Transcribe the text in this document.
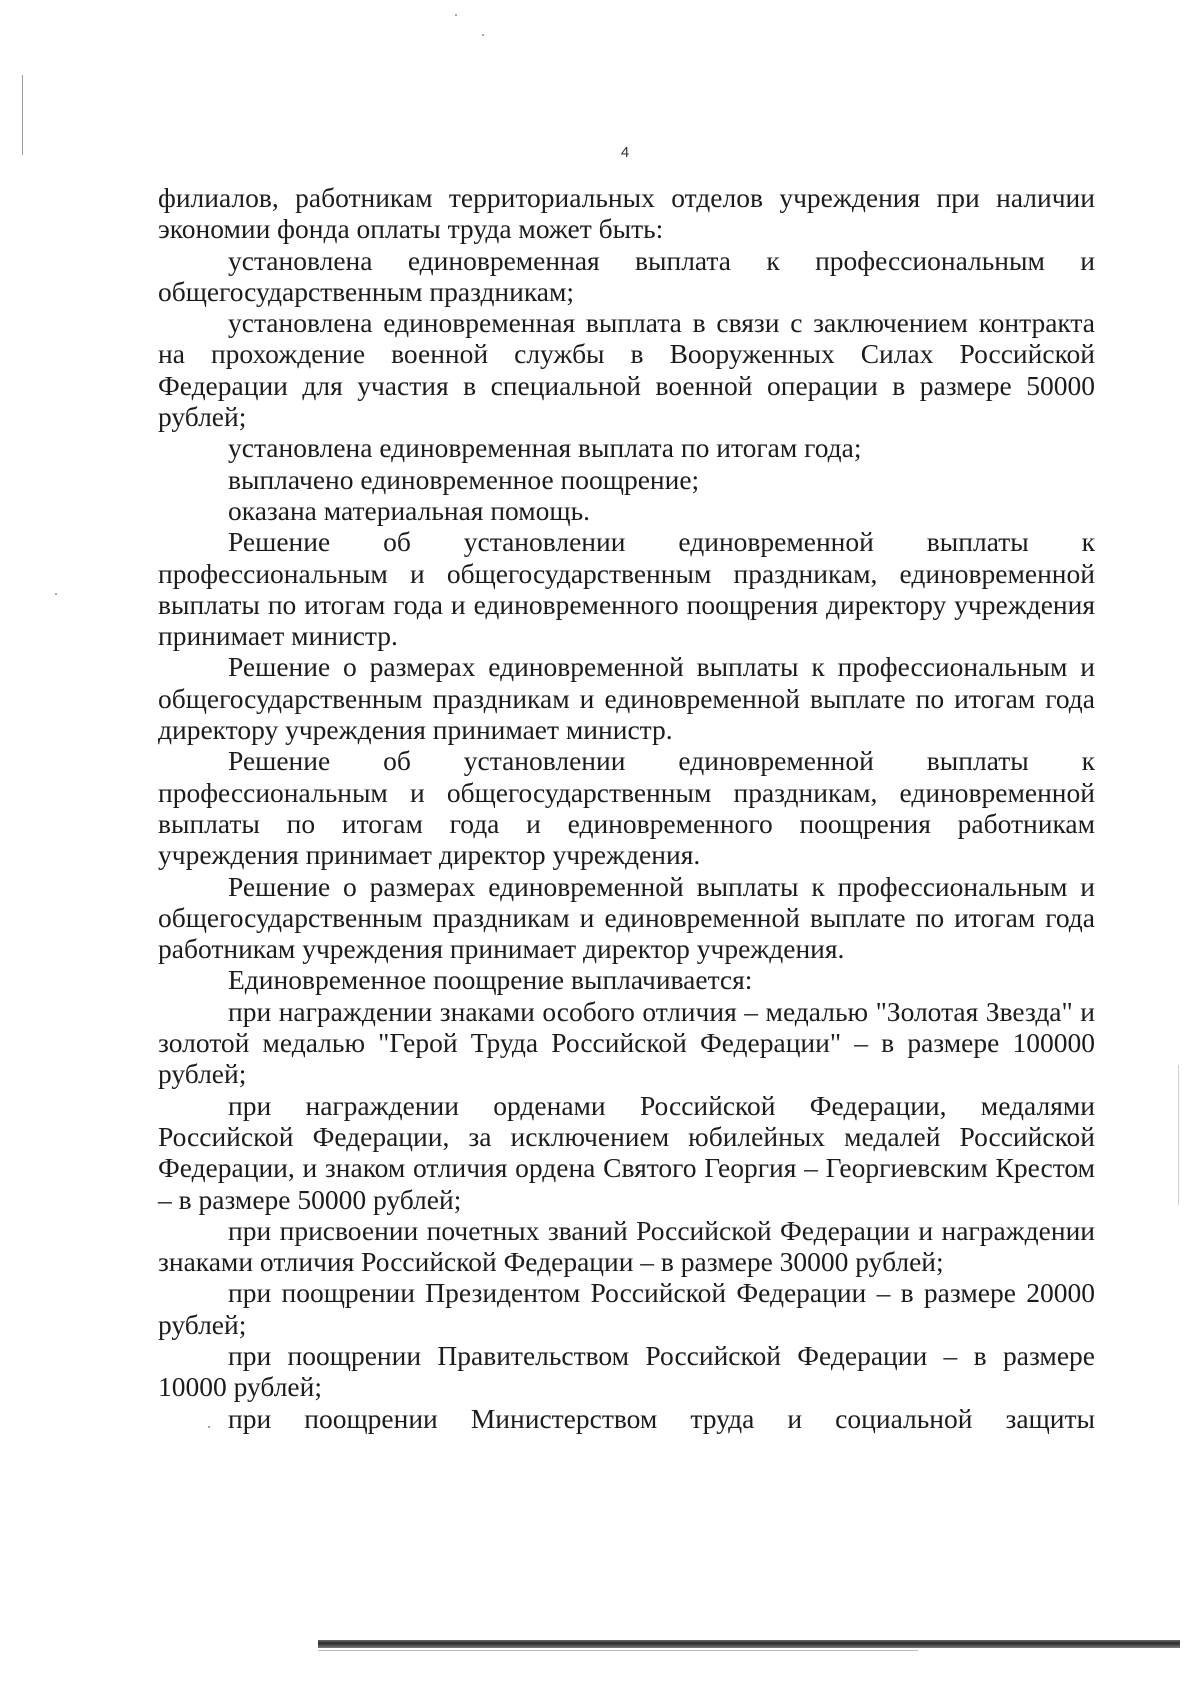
4

филиалов, работникам территориальных отделов учреждения при наличии экономии фонда оплаты труда может быть:

установлена единовременная выплата к профессиональным и общегосударственным праздникам;

установлена единовременная выплата в связи с заключением контракта на прохождение военной службы в Вооруженных Силах Российской Федерации для участия в специальной военной операции в размере 50000 рублей;

установлена единовременная выплата по итогам года;

выплачено единовременное поощрение;

оказана материальная помощь.

Решение об установлении единовременной выплаты к профессиональным и общегосударственным праздникам, единовременной выплаты по итогам года и единовременного поощрения директору учреждения принимает министр.

Решение о размерах единовременной выплаты к профессиональным и общегосударственным праздникам и единовременной выплате по итогам года директору учреждения принимает министр.

Решение об установлении единовременной выплаты к профессиональным и общегосударственным праздникам, единовременной выплаты по итогам года и единовременного поощрения работникам учреждения принимает директор учреждения.

Решение о размерах единовременной выплаты к профессиональным и общегосударственным праздникам и единовременной выплате по итогам года работникам учреждения принимает директор учреждения.

Единовременное поощрение выплачивается:

при награждении знаками особого отличия – медалью "Золотая Звезда" и золотой медалью "Герой Труда Российской Федерации" – в размере 100000 рублей;

при награждении орденами Российской Федерации, медалями Российской Федерации, за исключением юбилейных медалей Российской Федерации, и знаком отличия ордена Святого Георгия – Георгиевским Крестом – в размере 50000 рублей;

при присвоении почетных званий Российской Федерации и награждении знаками отличия Российской Федерации – в размере 30000 рублей;

при поощрении Президентом Российской Федерации – в размере 20000 рублей;

при поощрении Правительством Российской Федерации – в размере 10000 рублей;

при поощрении Министерством труда и социальной защиты
